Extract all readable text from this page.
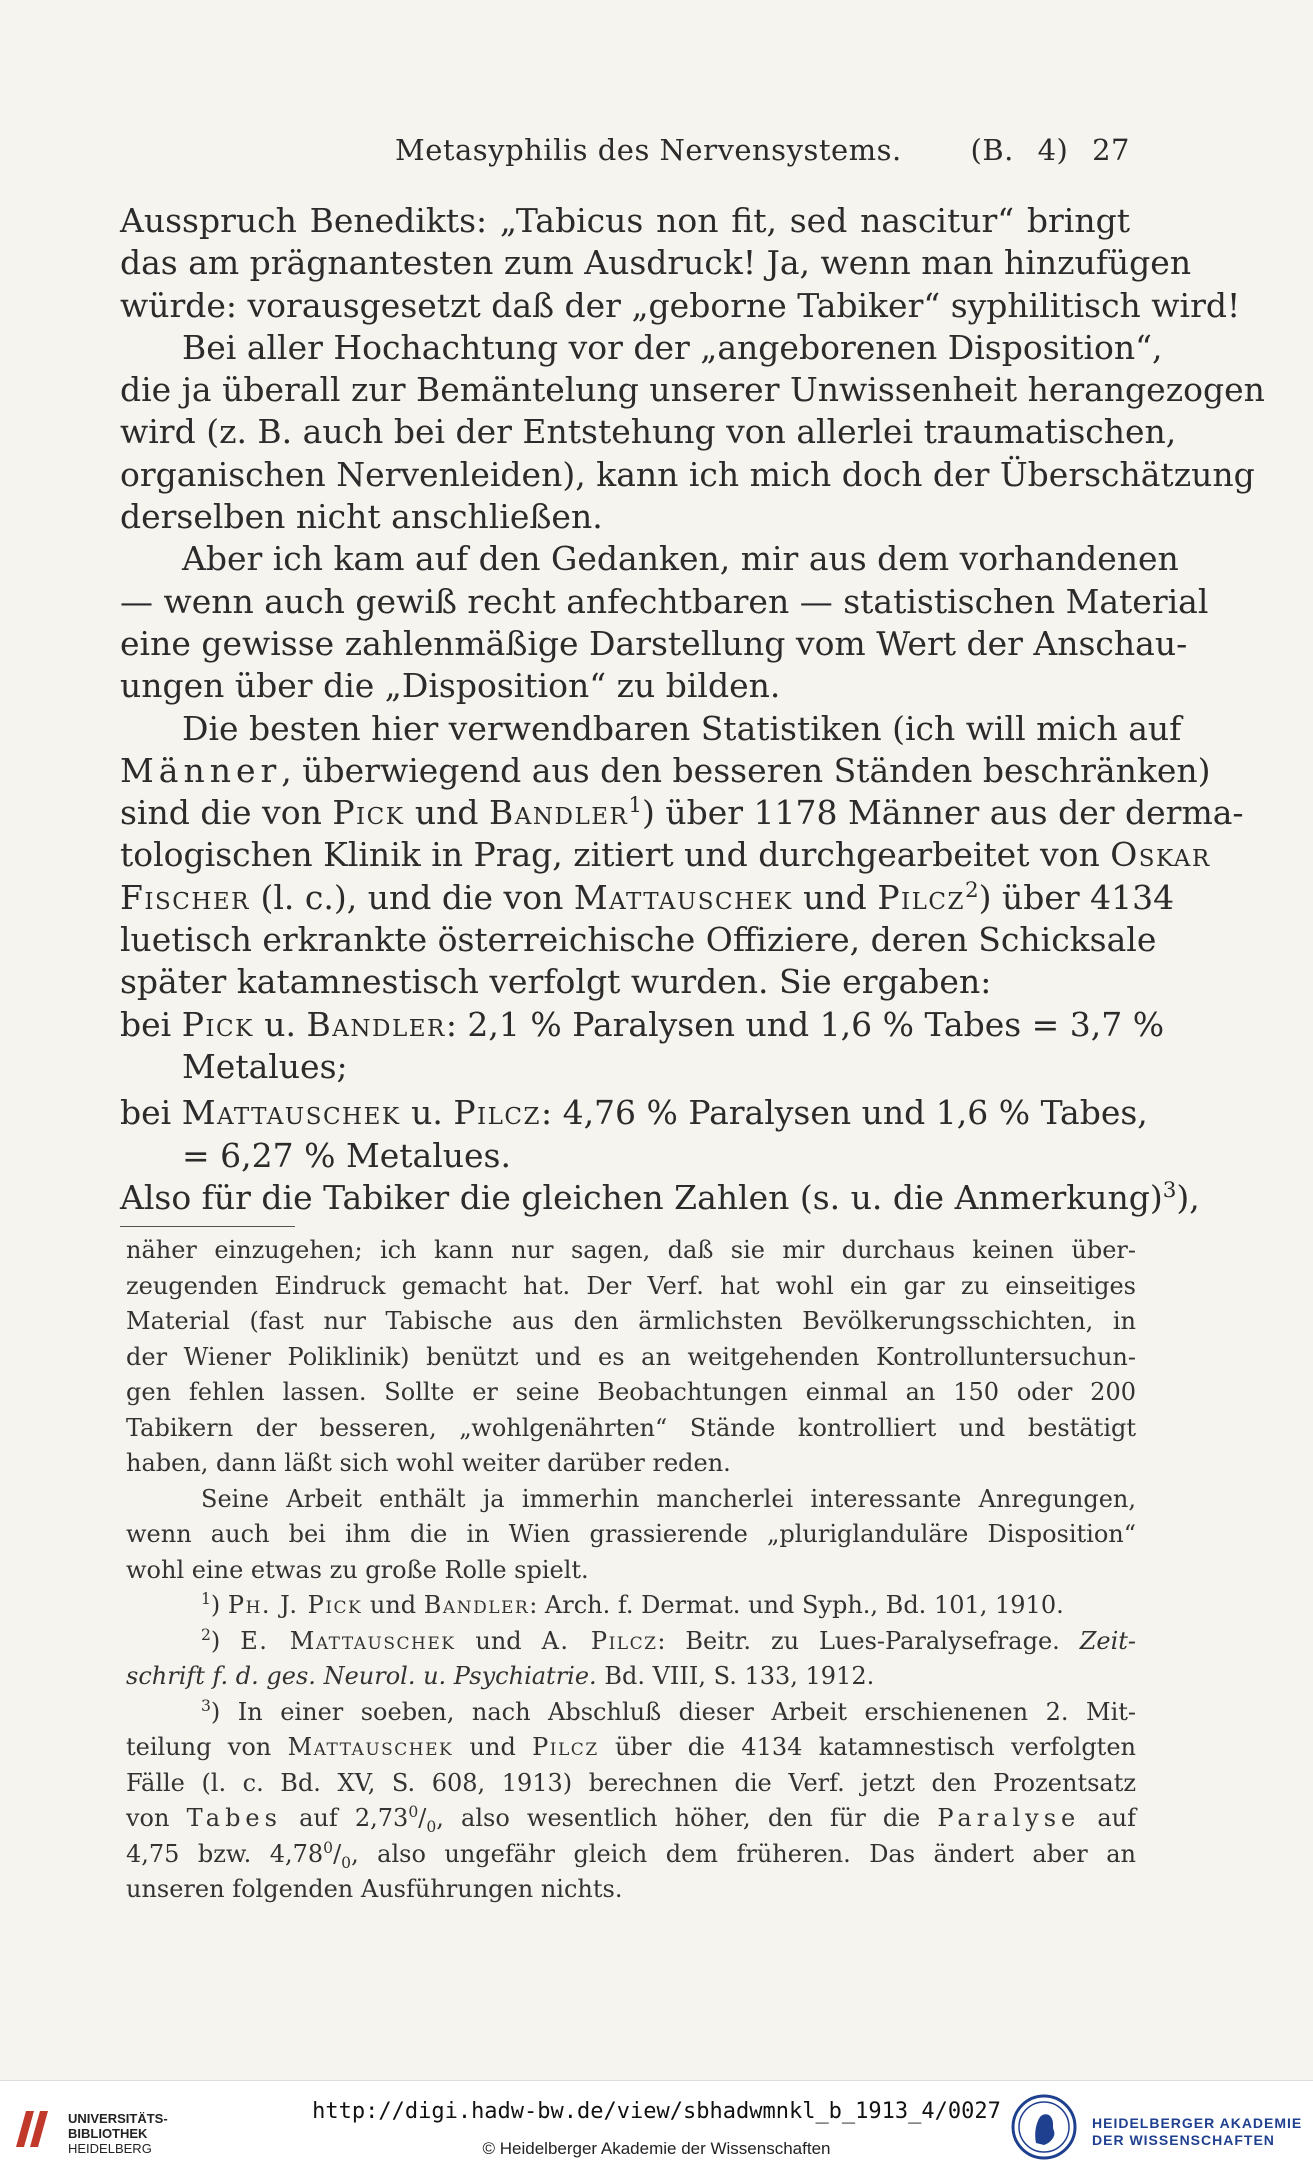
Metasyphilis des Nervensystems. (B. 4) 27
Ausspruch Benedikts: „Tabicus non fit, sed nascitur“ bringt
das am prägnantesten zum Ausdruck! Ja, wenn man hinzufügen
würde: vorausgesetzt daß der „geborne Tabiker“ syphilitisch wird!
Bei aller Hochachtung vor der „angeborenen Disposition“,
die ja überall zur Bemäntelung unserer Unwissenheit herangezogen
wird (z. B. auch bei der Entstehung von allerlei traumatischen,
organischen Nervenleiden), kann ich mich doch der Überschätzung
derselben nicht anschließen.
Aber ich kam auf den Gedanken, mir aus dem vorhandenen
— wenn auch gewiß recht anfechtbaren — statistischen Material
eine gewisse zahlenmäßige Darstellung vom Wert der Anschau-
ungen über die „Disposition“ zu bilden.
Die besten hier verwendbaren Statistiken (ich will mich auf
Männer, überwiegend aus den besseren Ständen beschränken)
sind die von Pick und Bandler$^1$) über 1178 Männer aus der derma-
tologischen Klinik in Prag, zitiert und durchgearbeitet von Oskar
Fischer (l. c.), und die von Mattauschek und Pilcz$^2$) über 4134
luetisch erkrankte österreichische Offiziere, deren Schicksale
später katamnestisch verfolgt wurden. Sie ergaben:
bei Pick u. Bandler: 2,1 % Paralysen und 1,6 % Tabes = 3,7 %
Metalues;
bei Mattauschek u. Pilcz: 4,76 % Paralysen und 1,6 % Tabes,
= 6,27 % Metalues.
Also für die Tabiker die gleichen Zahlen (s. u. die Anmerkung)$^3$),
näher einzugehen; ich kann nur sagen, daß sie mir durchaus keinen über-
zeugenden Eindruck gemacht hat. Der Verf. hat wohl ein gar zu einseitiges
Material (fast nur Tabische aus den ärmlichsten Bevölkerungsschichten, in
der Wiener Poliklinik) benützt und es an weitgehenden Kontrolluntersuchun-
gen fehlen lassen. Sollte er seine Beobachtungen einmal an 150 oder 200
Tabikern der besseren, „wohlgenährten“ Stände kontrolliert und bestätigt
haben, dann läßt sich wohl weiter darüber reden.
Seine Arbeit enthält ja immerhin mancherlei interessante Anregungen,
wenn auch bei ihm die in Wien grassierende „pluriglanduläre Disposition“
wohl eine etwas zu große Rolle spielt.
$^1$) Ph. J. Pick und Bandler: Arch. f. Dermat. und Syph., Bd. 101, 1910.
$^2$) E. Mattauschek und A. Pilcz: Beitr. zu Lues-Paralysefrage. Zeit-
schrift f. d. ges. Neurol. u. Psychiatrie. Bd. VIII, S. 133, 1912.
$^3$) In einer soeben, nach Abschluß dieser Arbeit erschienenen 2. Mit-
teilung von Mattauschek und Pilcz über die 4134 katamnestisch verfolgten
Fälle (l. c. Bd. XV, S. 608, 1913) berechnen die Verf. jetzt den Prozentsatz
von Tabes auf $2,73^0/_0$, also wesentlich höher, den für die Paralyse auf
4,75 bzw. $4,78^0/_0$, also ungefähr gleich dem früheren. Das ändert aber an
unseren folgenden Ausführungen nichts.
UNIVERSITÄTS-
BIBLIOTHEK
HEIDELBERG
http://digi.hadw-bw.de/view/sbhadwmnkl_b_1913_4/0027
© Heidelberger Akademie der Wissenschaften
HEIDELBERGER AKADEMIE
DER WISSENSCHAFTEN
